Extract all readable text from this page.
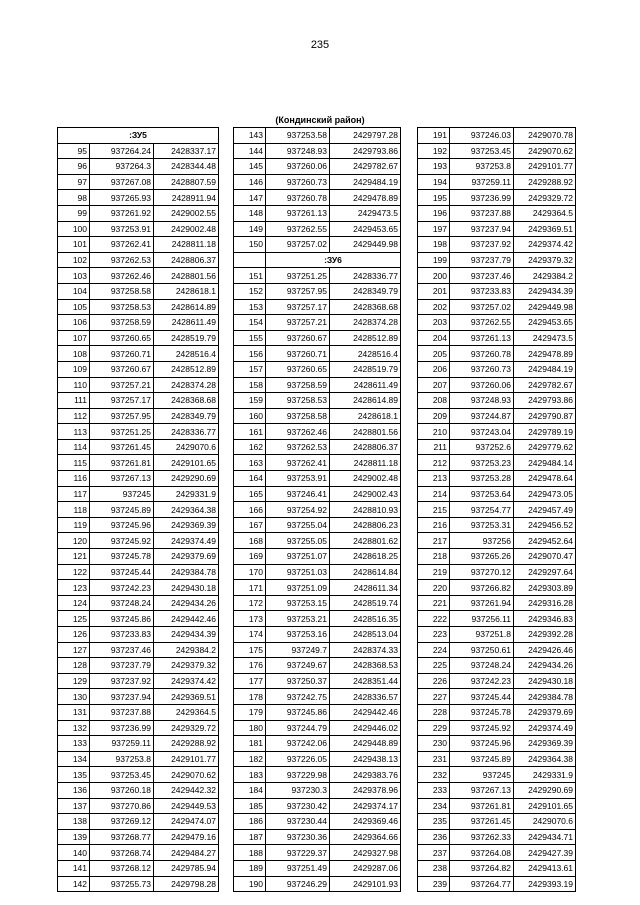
235
(Кондинский район)
:ЗУ5		
95	937264.24	2428337.17
96	937264.3	2428344.48
97	937267.08	2428807.59
98	937265.93	2428911.94
99	937261.92	2429002.55
100	937253.91	2429002.48
101	937262.41	2428811.18
102	937262.53	2428806.37
103	937262.46	2428801.56
104	937258.58	2428618.1
105	937258.53	2428614.89
106	937258.59	2428611.49
107	937260.65	2428519.79
108	937260.71	2428516.4
109	937260.67	2428512.89
110	937257.21	2428374.28
111	937257.17	2428368.68
112	937257.95	2428349.79
113	937251.25	2428336.77
114	937261.45	2429070.6
115	937261.81	2429101.65
116	937267.13	2429290.69
117	937245	2429331.9
118	937245.89	2429364.38
119	937245.96	2429369.39
120	937245.92	2429374.49
121	937245.78	2429379.69
122	937245.44	2429384.78
123	937242.23	2429430.18
124	937248.24	2429434.26
125	937245.86	2429442.46
126	937233.83	2429434.39
127	937237.46	2429384.2
128	937237.79	2429379.32
129	937237.92	2429374.42
130	937237.94	2429369.51
131	937237.88	2429364.5
132	937236.99	2429329.72
133	937259.11	2429288.92
134	937253.8	2429101.77
135	937253.45	2429070.62
136	937260.18	2429442.32
137	937270.86	2429449.53
138	937269.12	2429474.07
139	937268.77	2429479.16
140	937268.74	2429484.27
141	937268.12	2429785.94
142	937255.73	2429798.28
143	937253.58	2429797.28
144	937248.93	2429793.86
145	937260.06	2429782.67
146	937260.73	2429484.19
147	937260.78	2429478.89
148	937261.13	2429473.5
149	937262.55	2429453.65
150	937257.02	2429449.98
	:ЗУ6	
151	937251.25	2428336.77
152	937257.95	2428349.79
153	937257.17	2428368.68
154	937257.21	2428374.28
155	937260.67	2428512.89
156	937260.71	2428516.4
157	937260.65	2428519.79
158	937258.59	2428611.49
159	937258.53	2428614.89
160	937258.58	2428618.1
161	937262.46	2428801.56
162	937262.53	2428806.37
163	937262.41	2428811.18
164	937253.91	2429002.48
165	937246.41	2429002.43
166	937254.92	2428810.93
167	937255.04	2428806.23
168	937255.05	2428801.62
169	937251.07	2428618.25
170	937251.03	2428614.84
171	937251.09	2428611.34
172	937253.15	2428519.74
173	937253.21	2428516.35
174	937253.16	2428513.04
175	937249.7	2428374.33
176	937249.67	2428368.53
177	937250.37	2428351.44
178	937242.75	2428336.57
179	937245.86	2429442.46
180	937244.79	2429446.02
181	937242.06	2429448.89
182	937226.05	2429438.13
183	937229.98	2429383.76
184	937230.3	2429378.96
185	937230.42	2429374.17
186	937230.44	2429369.46
187	937230.36	2429364.66
188	937229.37	2429327.98
189	937251.49	2429287.06
190	937246.29	2429101.93
191	937246.03	2429070.78
192	937253.45	2429070.62
193	937253.8	2429101.77
194	937259.11	2429288.92
195	937236.99	2429329.72
196	937237.88	2429364.5
197	937237.94	2429369.51
198	937237.92	2429374.42
199	937237.79	2429379.32
200	937237.46	2429384.2
201	937233.83	2429434.39
202	937257.02	2429449.98
203	937262.55	2429453.65
204	937261.13	2429473.5
205	937260.78	2429478.89
206	937260.73	2429484.19
207	937260.06	2429782.67
208	937248.93	2429793.86
209	937244.87	2429790.87
210	937243.04	2429789.19
211	937252.6	2429779.62
212	937253.23	2429484.14
213	937253.28	2429478.64
214	937253.64	2429473.05
215	937254.77	2429457.49
216	937253.31	2429456.52
217	937256	2429452.64
218	937265.26	2429070.47
219	937270.12	2429297.64
220	937266.82	2429303.89
221	937261.94	2429316.28
222	937256.11	2429346.83
223	937251.8	2429392.28
224	937250.61	2429426.46
225	937248.24	2429434.26
226	937242.23	2429430.18
227	937245.44	2429384.78
228	937245.78	2429379.69
229	937245.92	2429374.49
230	937245.96	2429369.39
231	937245.89	2429364.38
232	937245	2429331.9
233	937267.13	2429290.69
234	937261.81	2429101.65
235	937261.45	2429070.6
236	937262.33	2429434.71
237	937264.08	2429427.39
238	937264.82	2429413.61
239	937264.77	2429393.19
